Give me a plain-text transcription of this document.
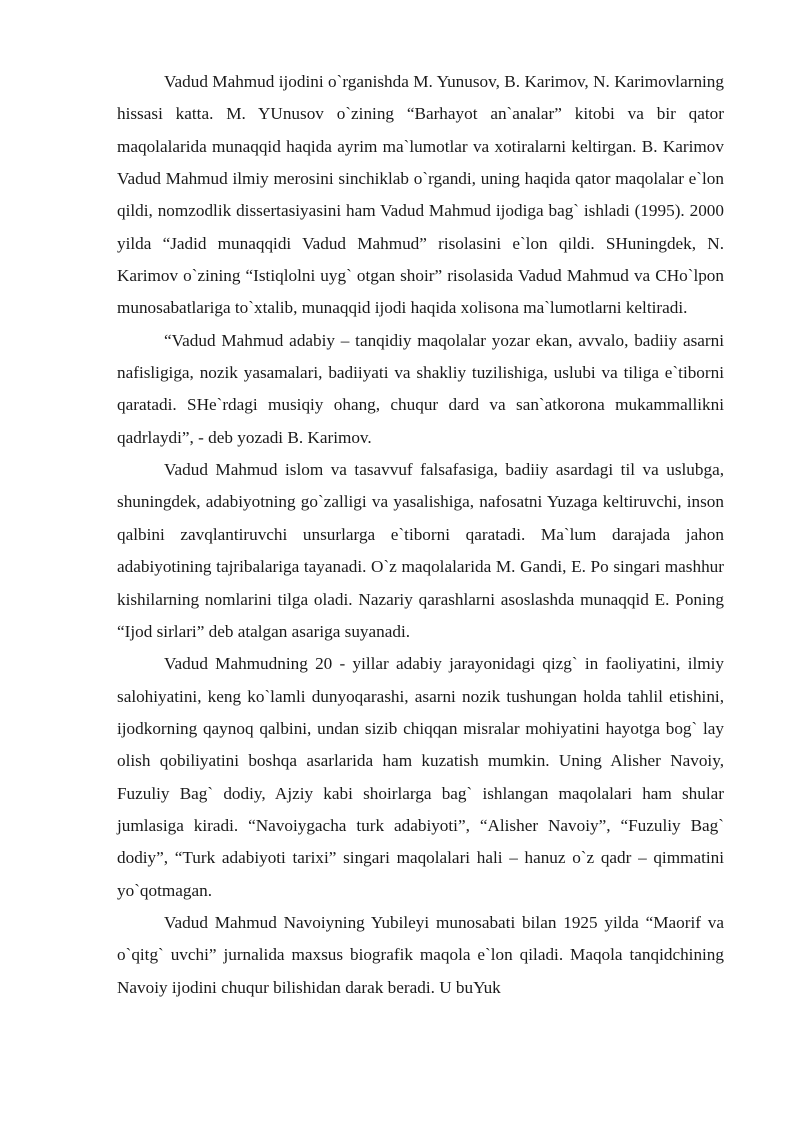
Vadud Mahmud ijodini o`rganishda M. Yunusov, B. Karimov, N. Karimovlarning hissasi katta. M. YUnusov o`zining “Barhayot an`analar” kitobi va bir qator maqolalarida munaqqid haqida ayrim ma`lumotlar va xotiralarni keltirgan. B. Karimov Vadud Mahmud ilmiy merosini sinchiklab o`rgandi, uning haqida qator maqolalar e`lon qildi, nomzodlik dissertasiyasini ham Vadud Mahmud ijodiga bag` ishladi (1995). 2000 yilda “Jadid munaqqidi Vadud Mahmud” risolasini e`lon qildi. SHuningdek, N. Karimov o`zining “Istiqlolni uyg` otgan shoir” risolasida Vadud Mahmud va CHo`lpon munosabatlariga to`xtalib, munaqqid ijodi haqida xolisona ma`lumotlarni keltiradi.

“Vadud Mahmud adabiy – tanqidiy maqolalar yozar ekan, avvalo, badiiy asarni nafisligiga, nozik yasamalari, badiiyati va shakliy tuzilishiga, uslubi va tiliga e`tiborni qaratadi. SHe`rdagi musiqiy ohang, chuqur dard va san`atkorona mukammallikni qadrlaydi”, - deb yozadi B. Karimov.

Vadud Mahmud islom va tasavvuf falsafasiga, badiiy asardagi til va uslubga, shuningdek, adabiyotning go`zalligi va yasalishiga, nafosatni Yuzaga keltiruvchi, inson qalbini zavqlantiruvchi unsurlarga e`tiborni qaratadi. Ma`lum darajada jahon adabiyotining tajribalariga tayanadi. O`z maqolalarida M. Gandi, E. Po singari mashhur kishilarning nomlarini tilga oladi. Nazariy qarashlarni asoslashda munaqqid E. Poning “Ijod sirlari” deb atalgan asariga suyanadi.

Vadud Mahmudning 20 - yillar adabiy jarayonidagi qizg` in faoliyatini, ilmiy salohiyatini, keng ko`lamli dunyoqarashi, asarni nozik tushungan holda tahlil etishini, ijodkorning qaynoq qalbini, undan sizib chiqqan misralar mohiyatini hayotga bog` lay olish qobiliyatini boshqa asarlarida ham kuzatish mumkin. Uning Alisher Navoiy, Fuzuliy Bag` dodiy, Ajziy kabi shoirlarga bag` ishlangan maqolalari ham shular jumlasiga kiradi. “Navoiygacha turk adabiyoti”, “Alisher Navoiy”, “Fuzuliy Bag` dodiy”, “Turk adabiyoti tarixi” singari maqolalari hali – hanuz o`z qadr – qimmatini yo`qotmagan.

Vadud Mahmud Navoiyning Yubileyi munosabati bilan 1925 yilda “Maorif va o`qitg` uvchi” jurnalida maxsus biografik maqola e`lon qiladi. Maqola tanqidchining Navoiy ijodini chuqur bilishidan darak beradi. U buYuk
